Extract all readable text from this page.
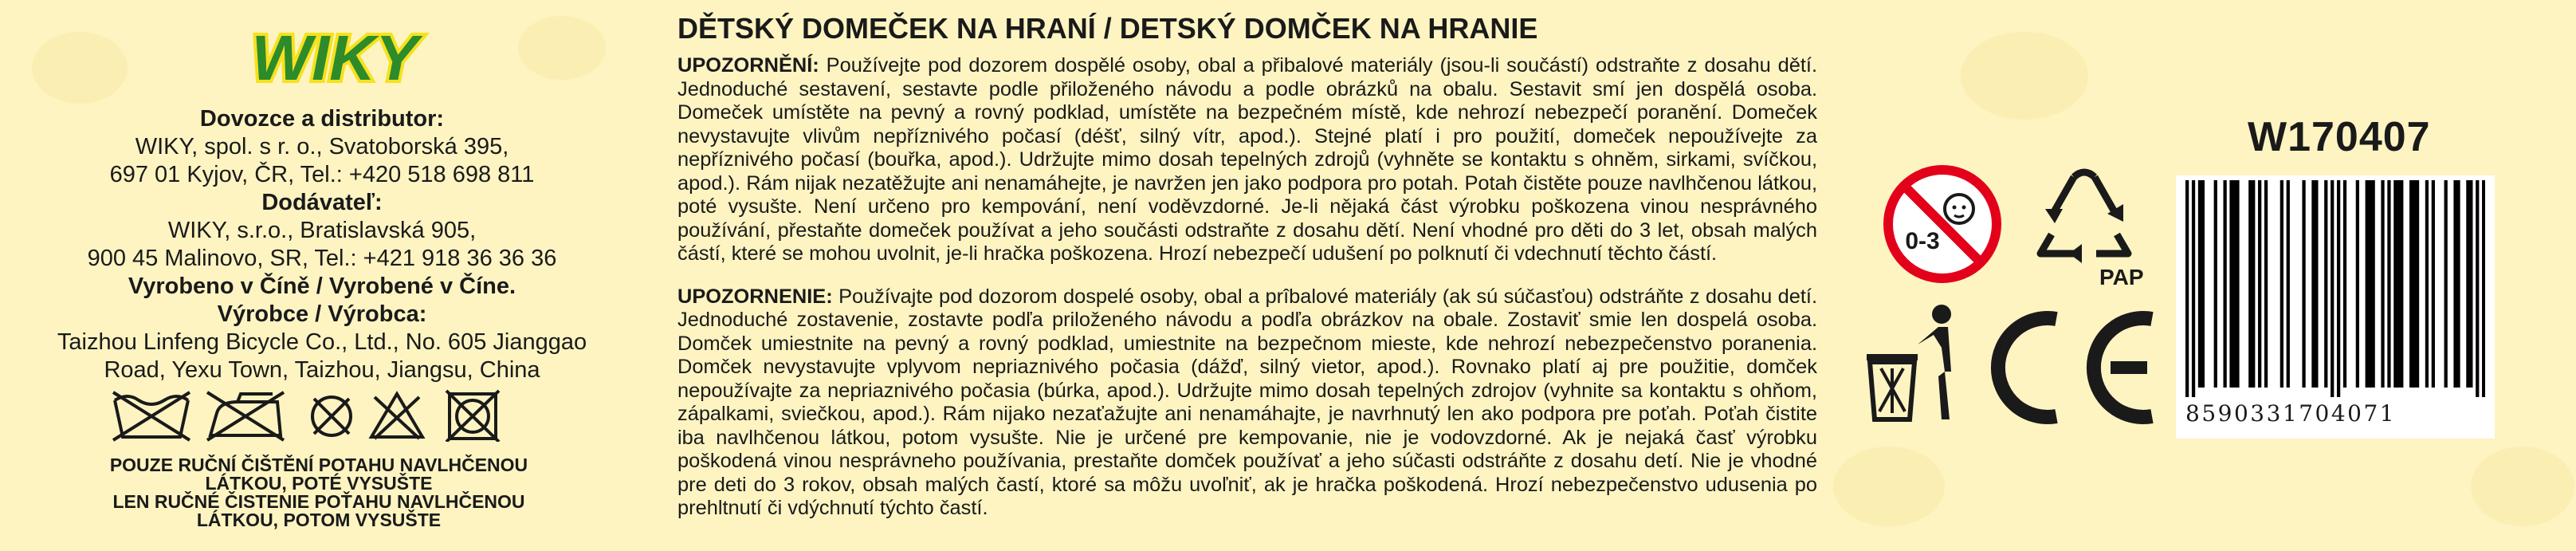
WIKY
Dovozce a distributor:
WIKY, spol. s r. o., Svatoborská 395,
697 01 Kyjov, ČR, Tel.: +420 518 698 811
Dodávateľ:
WIKY, s.r.o., Bratislavská 905,
900 45 Malinovo, SR, Tel.: +421 918 36 36 36
Vyrobeno v Číně / Vyrobené v Číne.
Výrobce / Výrobca:
Taizhou Linfeng Bicycle Co., Ltd., No. 605 Jianggao
Road, Yexu Town, Taizhou, Jiangsu, China
POUZE RUČNÍ ČIŠTĚNÍ POTAHU NAVLHČENOU
LÁTKOU, POTÉ VYSUŠTE
LEN RUČNÉ ČISTENIE POŤAHU NAVLHČENOU
LÁTKOU, POTOM VYSUŠTE
DĚTSKÝ DOMEČEK NA HRANÍ / DETSKÝ DOMČEK NA HRANIE

UPOZORNĚNÍ: Používejte pod dozorem dospělé osoby, obal a přibalové materiály (jsou-li součástí) odstraňte z dosahu dětí. Jednoduché sestavení, sestavte podle přiloženého návodu a podle obrázků na obalu. Sestavit smí jen dospělá osoba. Domeček umístěte na pevný a rovný podklad, umístěte na bezpečném místě, kde nehrozí nebezpečí poranění. Domeček nevystavujte vlivům nepříznivého počasí (déšť, silný vítr, apod.). Stejné platí i pro použití, domeček nepoužívejte za nepříznivého počasí (bouřka, apod.). Udržujte mimo dosah tepelných zdrojů (vyhněte se kontaktu s ohněm, sirkami, svíčkou, apod.). Rám nijak nezatěžujte ani nenamáhejte, je navržen jen jako podpora pro potah. Potah čistěte pouze navlhčenou látkou, poté vysušte. Není určeno pro kempování, není voděvzdorné. Je-li nějaká část výrobku poškozena vinou nesprávného používání, přestaňte domeček používat a jeho součásti odstraňte z dosahu dětí. Není vhodné pro děti do 3 let, obsah malých částí, které se mohou uvolnit, je-li hračka poškozena. Hrozí nebezpečí udušení po polknutí či vdechnutí těchto částí.

UPOZORNENIE: Používajte pod dozorom dospelé osoby, obal a prîbalové materiály (ak sú súčasťou) odstráňte z dosahu detí. Jednoduché zostavenie, zostavte podľa priloženého návodu a podľa obrázkov na obale. Zostaviť smie len dospelá osoba. Domček umiestnite na pevný a rovný podklad, umiestnite na bezpečnom mieste, kde nehrozí nebezpečenstvo poranenia. Domček nevystavujte vplyvom nepriaznivého počasia (dážď, silný vietor, apod.). Rovnako platí aj pre použitie, domček nepoužívajte za nepriaznivého počasia (búrka, apod.). Udržujte mimo dosah tepelných zdrojov (vyhnite sa kontaktu s ohňom, zápalkami, sviečkou, apod.). Rám nijako nezaťažujte ani nenamáhajte, je navrhnutý len ako podpora pre poťah. Poťah čistite iba navlhčenou látkou, potom vysušte. Nie je určené pre kempovanie, nie je vodovzdorné. Ak je nejaká časť výrobku poškodená vinou nesprávneho používania, prestaňte domček používať a jeho súčasti odstráňte z dosahu detí. Nie je vhodné pre deti do 3 rokov, obsah malých častí, ktoré sa môžu uvoľniť, ak je hračka poškodená. Hrozí nebezpečenstvo udusenia po prehltnutí či vdýchnutí týchto častí.

W170407
0-3
PAP
CE	8590331704071
